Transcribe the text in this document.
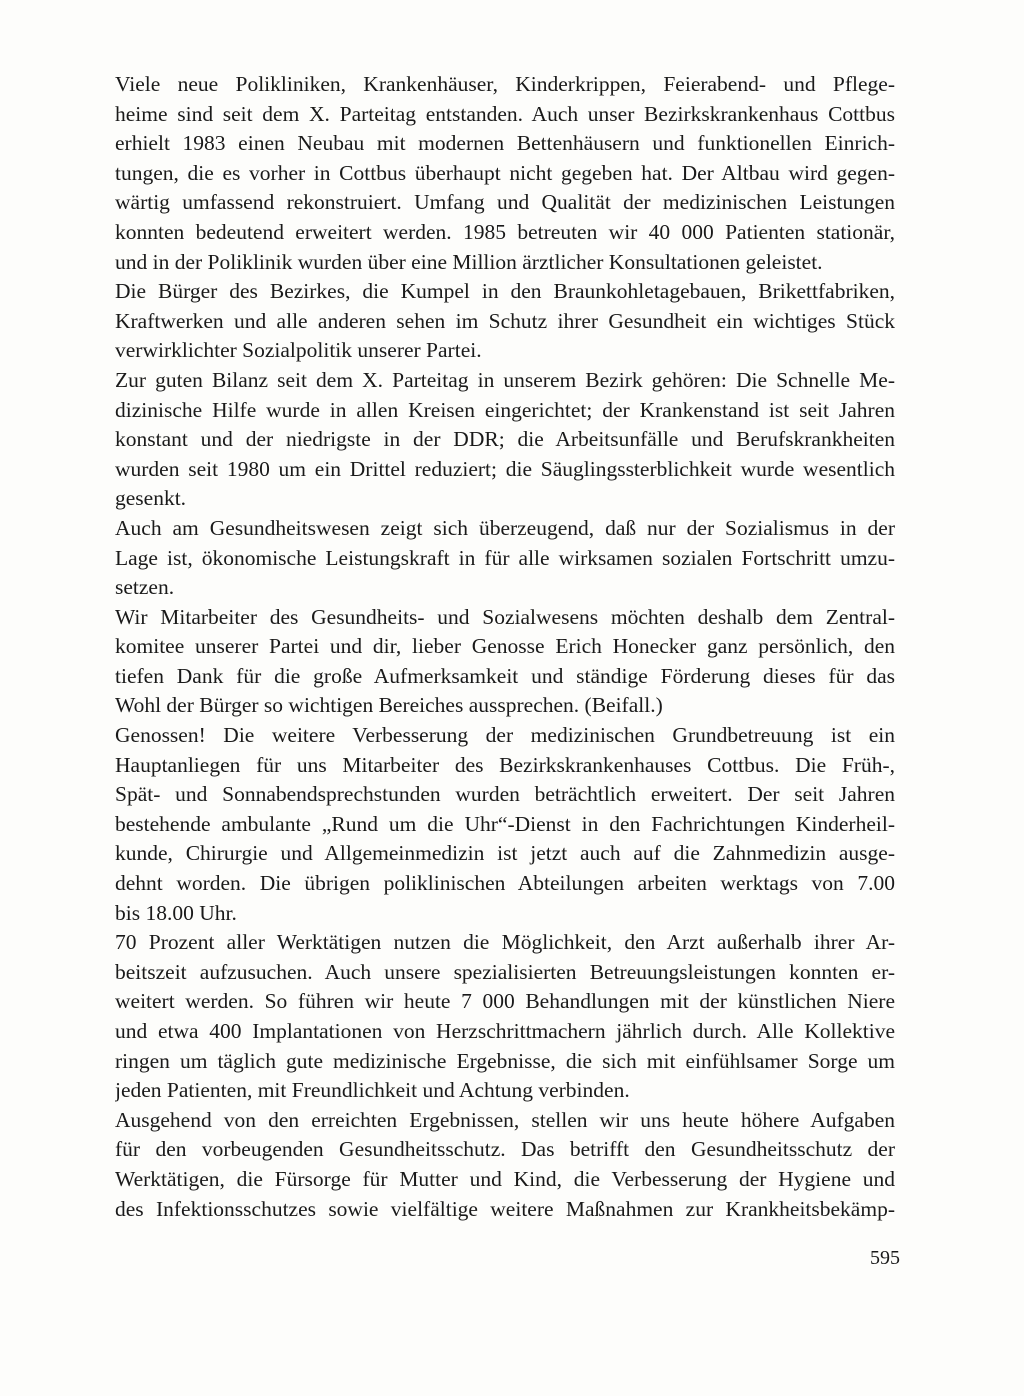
Viele neue Polikliniken, Krankenhäuser, Kinderkrippen, Feierabend- und Pflege-
heime sind seit dem X. Parteitag entstanden. Auch unser Bezirkskrankenhaus Cottbus
erhielt 1983 einen Neubau mit modernen Bettenhäusern und funktionellen Einrich-
tungen, die es vorher in Cottbus überhaupt nicht gegeben hat. Der Altbau wird gegen-
wärtig umfassend rekonstruiert. Umfang und Qualität der medizinischen Leistungen
konnten bedeutend erweitert werden. 1985 betreuten wir 40 000 Patienten stationär,
und in der Poliklinik wurden über eine Million ärztlicher Konsultationen geleistet.
Die Bürger des Bezirkes, die Kumpel in den Braunkohletagebauen, Brikettfabriken,
Kraftwerken und alle anderen sehen im Schutz ihrer Gesundheit ein wichtiges Stück
verwirklichter Sozialpolitik unserer Partei.
Zur guten Bilanz seit dem X. Parteitag in unserem Bezirk gehören: Die Schnelle Me-
dizinische Hilfe wurde in allen Kreisen eingerichtet; der Krankenstand ist seit Jahren
konstant und der niedrigste in der DDR; die Arbeitsunfälle und Berufskrankheiten
wurden seit 1980 um ein Drittel reduziert; die Säuglingssterblichkeit wurde wesentlich
gesenkt.
Auch am Gesundheitswesen zeigt sich überzeugend, daß nur der Sozialismus in der
Lage ist, ökonomische Leistungskraft in für alle wirksamen sozialen Fortschritt umzu-
setzen.
Wir Mitarbeiter des Gesundheits- und Sozialwesens möchten deshalb dem Zentral-
komitee unserer Partei und dir, lieber Genosse Erich Honecker ganz persönlich, den
tiefen Dank für die große Aufmerksamkeit und ständige Förderung dieses für das
Wohl der Bürger so wichtigen Bereiches aussprechen. (Beifall.)
Genossen! Die weitere Verbesserung der medizinischen Grundbetreuung ist ein
Hauptanliegen für uns Mitarbeiter des Bezirkskrankenhauses Cottbus. Die Früh-,
Spät- und Sonnabendsprechstunden wurden beträchtlich erweitert. Der seit Jahren
bestehende ambulante „Rund um die Uhr“-Dienst in den Fachrichtungen Kinderheil-
kunde, Chirurgie und Allgemeinmedizin ist jetzt auch auf die Zahnmedizin ausge-
dehnt worden. Die übrigen poliklinischen Abteilungen arbeiten werktags von 7.00
bis 18.00 Uhr.
70 Prozent aller Werktätigen nutzen die Möglichkeit, den Arzt außerhalb ihrer Ar-
beitszeit aufzusuchen. Auch unsere spezialisierten Betreuungsleistungen konnten er-
weitert werden. So führen wir heute 7 000 Behandlungen mit der künstlichen Niere
und etwa 400 Implantationen von Herzschrittmachern jährlich durch. Alle Kollektive
ringen um täglich gute medizinische Ergebnisse, die sich mit einfühlsamer Sorge um
jeden Patienten, mit Freundlichkeit und Achtung verbinden.
Ausgehend von den erreichten Ergebnissen, stellen wir uns heute höhere Aufgaben
für den vorbeugenden Gesundheitsschutz. Das betrifft den Gesundheitsschutz der
Werktätigen, die Fürsorge für Mutter und Kind, die Verbesserung der Hygiene und
des Infektionsschutzes sowie vielfältige weitere Maßnahmen zur Krankheitsbekämp-
595
